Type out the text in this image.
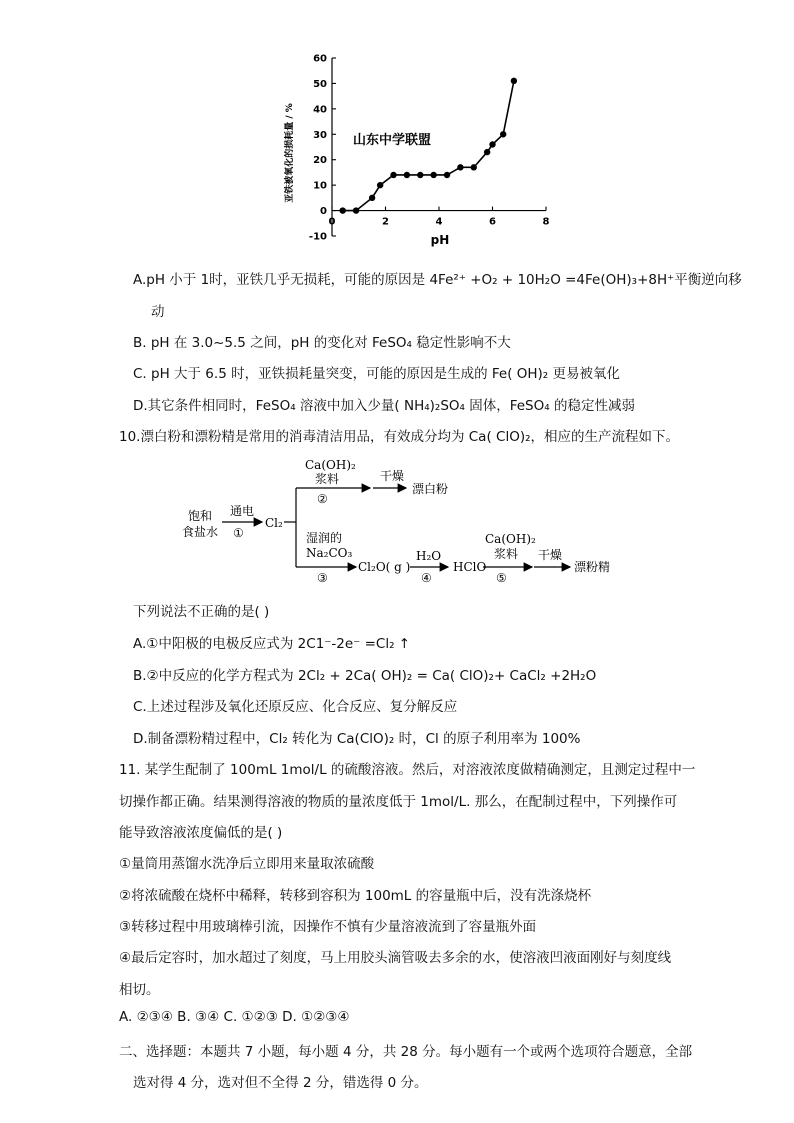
-10
0
10
20
30
40
50
60
0	2	4	6	8
亚铁被氧化的损耗量 / %
pH
山东中学联盟
A.pH 小于 1时，亚铁几乎无损耗，可能的原因是 4Fe²⁺ +O₂ + 10H₂O =4Fe(OH)₃+8H⁺平衡逆向移
动
B. pH 在 3.0~5.5 之间，pH 的变化对 FeSO₄ 稳定性影响不大
C. pH 大于 6.5 时，亚铁损耗量突变，可能的原因是生成的 Fe( OH)₂ 更易被氧化
D.其它条件相同时，FeSO₄ 溶液中加入少量( NH₄)₂SO₄ 固体，FeSO₄ 的稳定性减弱
10.漂白粉和漂粉精是常用的消毒清洁用品，有效成分均为 Ca( ClO)₂，相应的生产流程如下。
饱和
食盐水
通电
①
Cl₂
Ca(OH)₂
浆料
②
干燥
漂白粉
湿润的
Na₂CO₃
③
Cl₂O( g )
H₂O
④
HClO
Ca(OH)₂
浆料
⑤
干燥
漂粉精
下列说法不正确的是( )
A.①中阳极的电极反应式为 2C1⁻-2e⁻ =Cl₂ ↑
B.②中反应的化学方程式为 2Cl₂ + 2Ca( OH)₂ = Ca( ClO)₂+ CaCl₂ +2H₂O
C.上述过程涉及氧化还原反应、化合反应、复分解反应
D.制备漂粉精过程中，Cl₂ 转化为 Ca(ClO)₂ 时，Cl 的原子利用率为 100%
11. 某学生配制了 100mL 1mol/L 的硫酸溶液。然后，对溶液浓度做精确测定，且测定过程中一
切操作都正确。结果测得溶液的物质的量浓度低于 1mol/L. 那么，在配制过程中，下列操作可
能导致溶液浓度偏低的是( )
①量筒用蒸馏水洗净后立即用来量取浓硫酸
②将浓硫酸在烧杯中稀释，转移到容积为 100mL 的容量瓶中后，没有洗涤烧杯
③转移过程中用玻璃棒引流，因操作不慎有少量溶液流到了容量瓶外面
④最后定容时，加水超过了刻度，马上用胶头滴管吸去多余的水，使溶液凹液面刚好与刻度线
相切。
A. ②③④ B. ③④ C. ①②③ D. ①②③④
二、选择题：本题共 7 小题，每小题 4 分，共 28 分。每小题有一个或两个选项符合题意，全部
选对得 4 分，选对但不全得 2 分，错选得 0 分。
